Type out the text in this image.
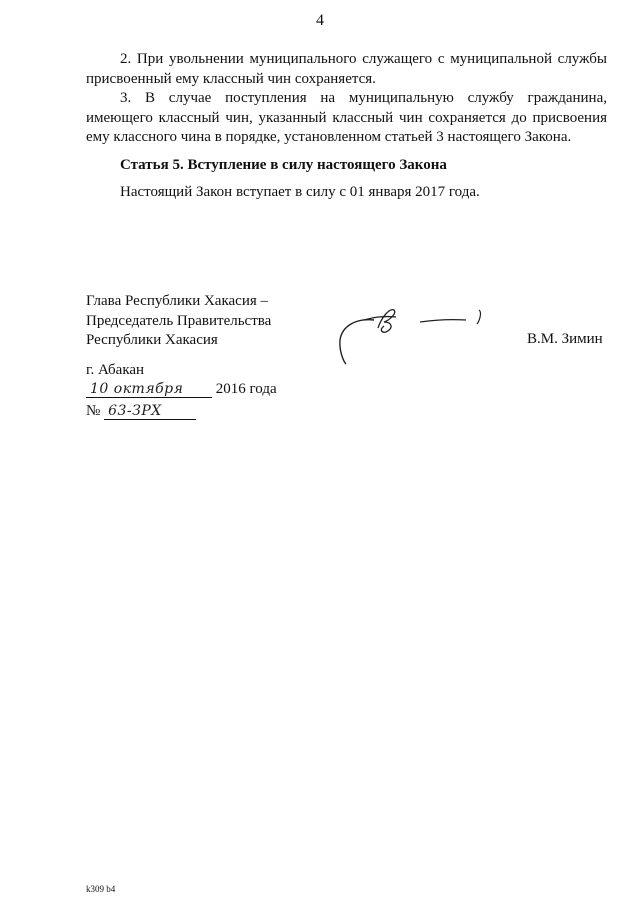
4

2. При увольнении муниципального служащего с муниципальной службы присвоенный ему классный чин сохраняется.

3. В случае поступления на муниципальную службу гражданина, имеющего классный чин, указанный классный чин сохраняется до присвоения ему классного чина в порядке, установленном статьей 3 настоящего Закона.

Статья 5. Вступление в силу настоящего Закона
Настоящий Закон вступает в силу с 01 января 2017 года.
Глава Республики Хакасия –
Председатель Правительства
Республики Хакасия	В.М. Зимин
г. Абакан
10 октября 2016 года
№ 63-ЗРХ
k309 b4
